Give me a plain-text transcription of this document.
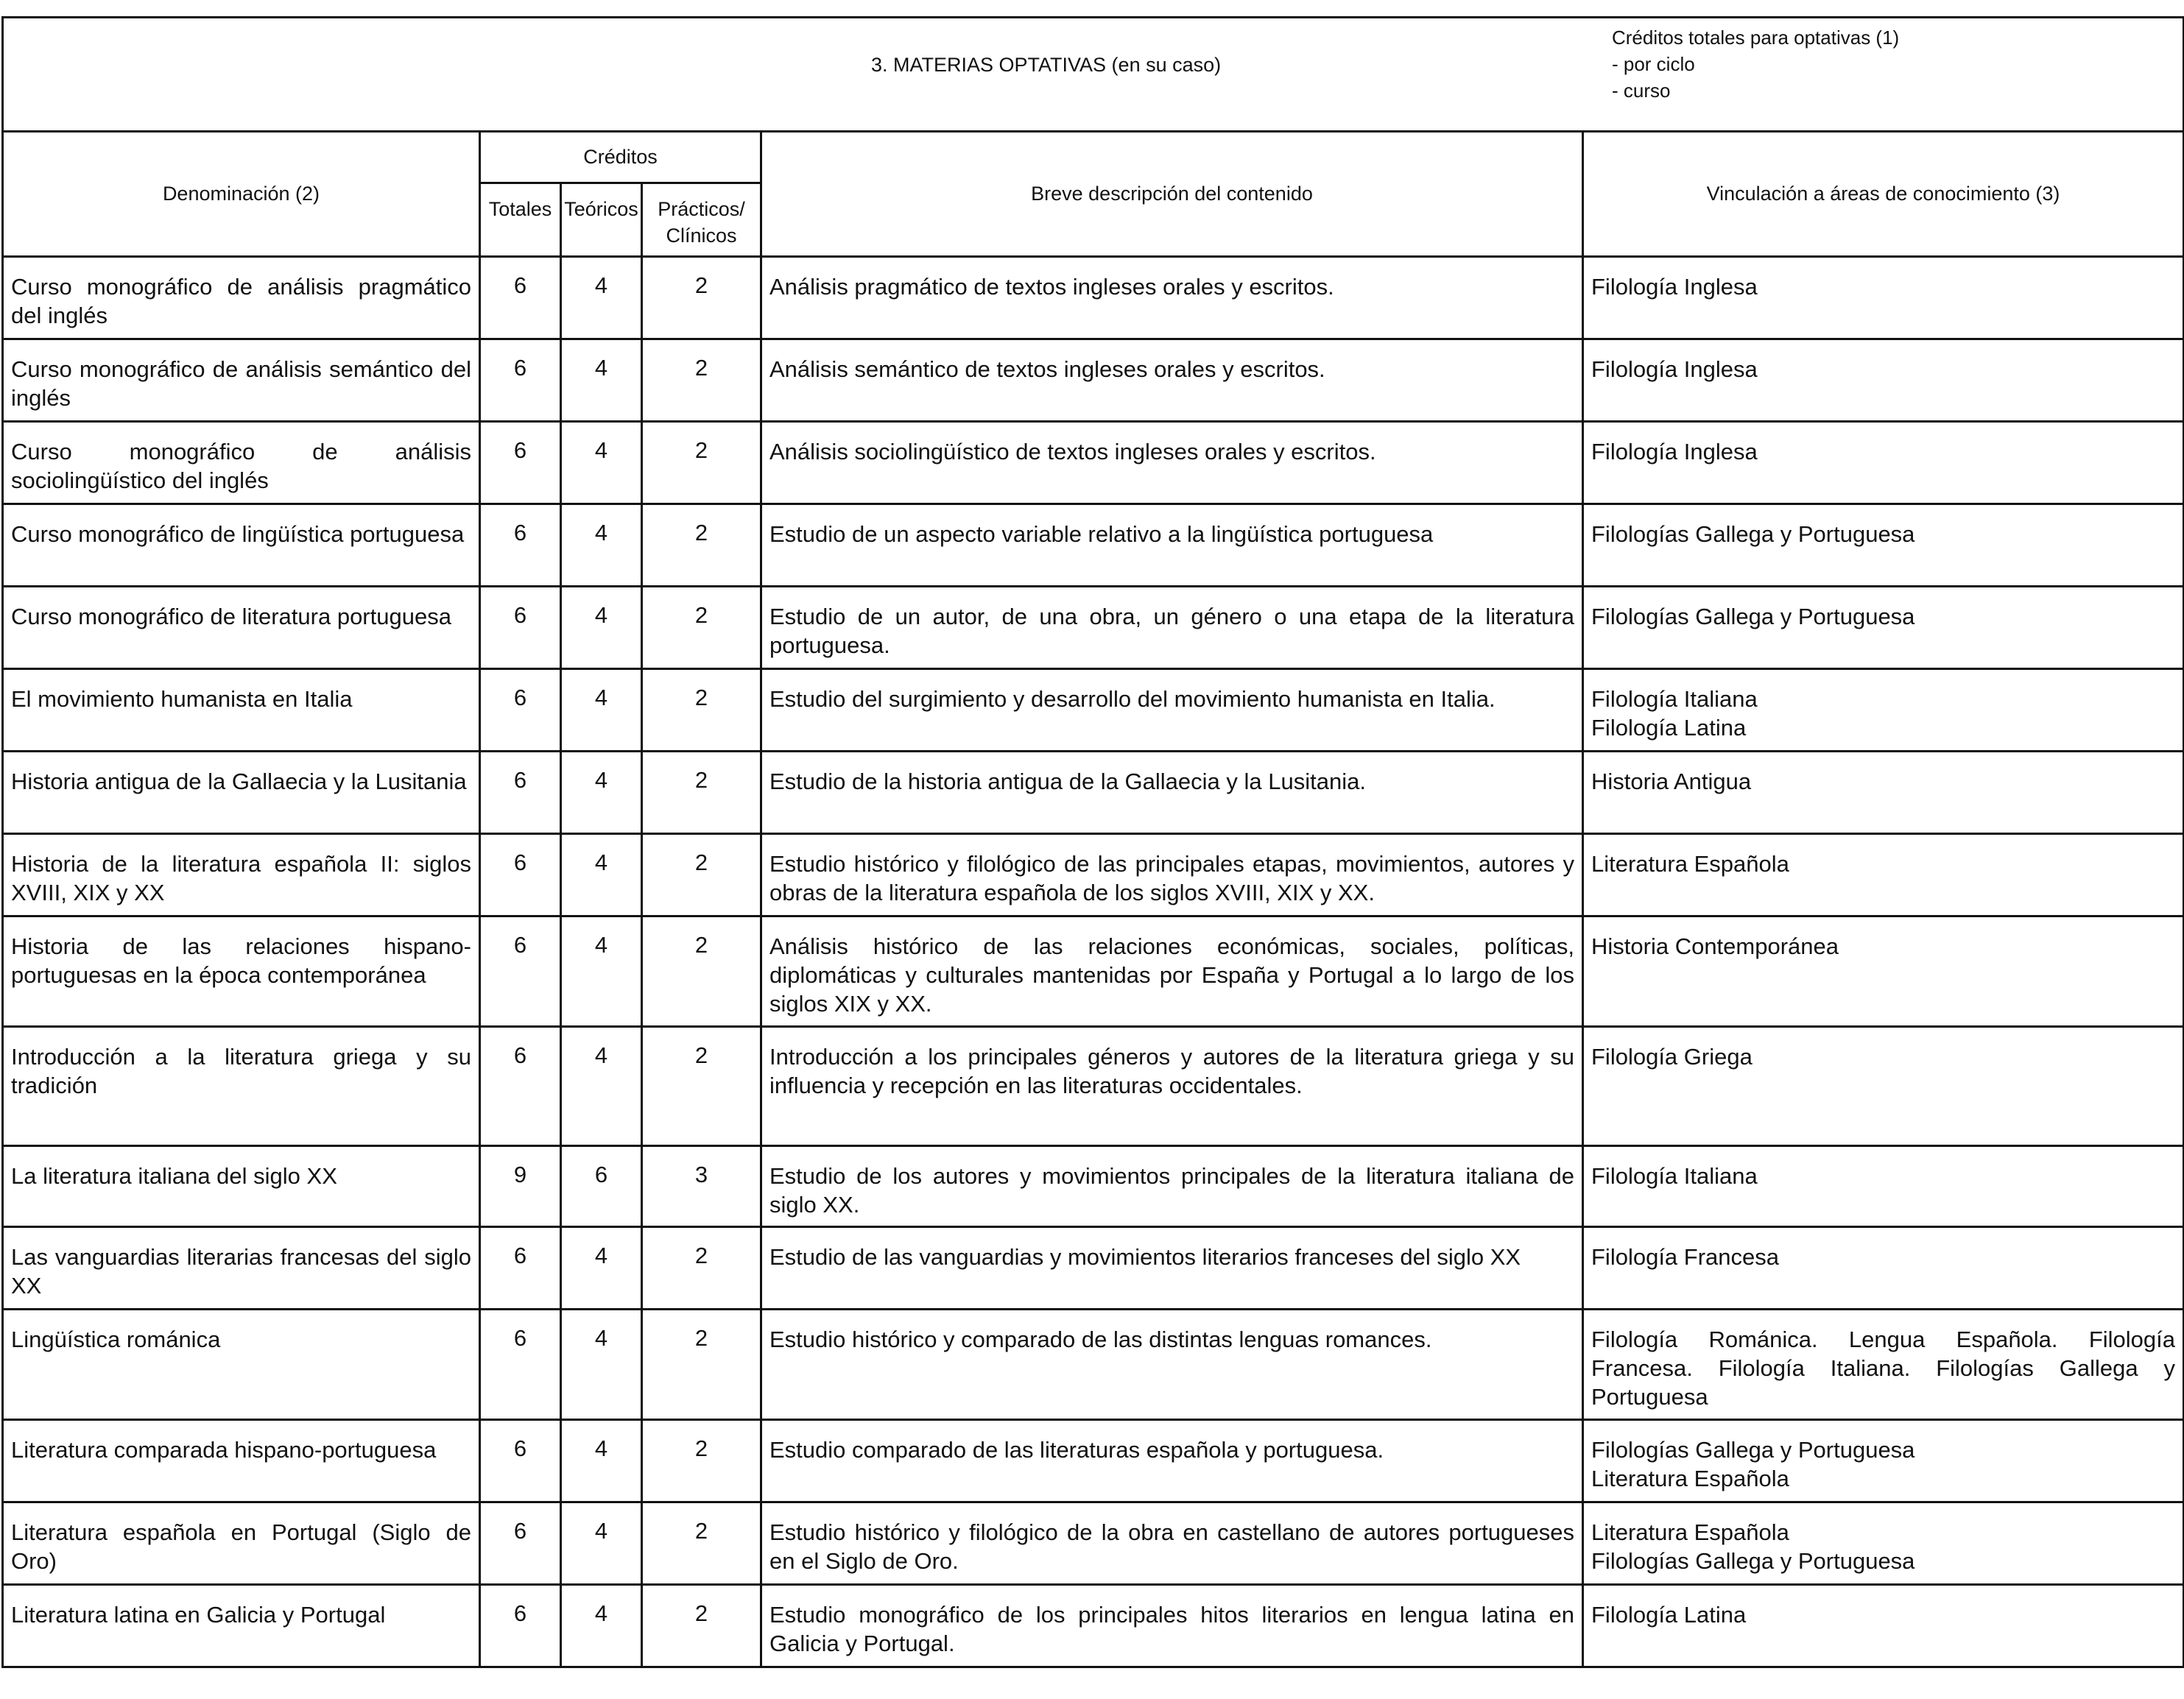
3. MATERIAS OPTATIVAS (en su caso)
Créditos totales para optativas (1)
- por ciclo
- curso					

Denominación (2)	Créditos			Breve descripción del contenido	Vinculación a áreas de conocimiento (3)
	Totales	Teóricos	Prácticos/ Clínicos		
Curso monográfico de análisis pragmático del inglés	6	4	2	Análisis pragmático de textos ingleses orales y escritos.	Filología Inglesa

Curso monográfico de análisis semántico del inglés	6	4	2	Análisis semántico de textos ingleses orales y escritos.	Filología Inglesa

Curso monográfico de análisis sociolingüístico del inglés	6	4	2	Análisis sociolingüístico de textos ingleses orales y escritos.	Filología Inglesa

Curso monográfico de lingüística portuguesa	6	4	2	Estudio de un aspecto variable relativo a la lingüística portuguesa	Filologías Gallega y Portuguesa

Curso monográfico de literatura portuguesa	6	4	2	Estudio de un autor, de una obra, un género o una etapa de la literatura portuguesa.	Filologías Gallega y Portuguesa

El movimiento humanista en Italia	6	4	2	Estudio del surgimiento y desarrollo del movimiento humanista en Italia.	Filología Italiana
Filología Latina

Historia antigua de la Gallaecia y la Lusitania	6	4	2	Estudio de la historia antigua de la Gallaecia y la Lusitania.	Historia Antigua

Historia de la literatura española II: siglos XVIII, XIX y XX	6	4	2	Estudio histórico y filológico de las principales etapas, movimientos, autores y obras de la literatura española de los siglos XVIII, XIX y XX.	Literatura Española

Historia de las relaciones hispano-portuguesas en la época contemporánea	6	4	2	Análisis histórico de las relaciones económicas, sociales, políticas, diplomáticas y culturales mantenidas por España y Portugal a lo largo de los siglos XIX y XX.	Historia Contemporánea

Introducción a la literatura griega y su tradición	6	4	2	Introducción a los principales géneros y autores de la literatura griega y su influencia y recepción en las literaturas occidentales.	Filología Griega

La literatura italiana del siglo XX	9	6	3	Estudio de los autores y movimientos principales de la literatura italiana de siglo XX.	Filología Italiana

Las vanguardias literarias francesas del siglo XX	6	4	2	Estudio de las vanguardias y movimientos literarios franceses del siglo XX	Filología Francesa

Lingüística románica	6	4	2	Estudio histórico y comparado de las distintas lenguas romances.	Filología Románica. Lengua Española. Filología Francesa. Filología Italiana. Filologías Gallega y Portuguesa

Literatura comparada hispano-portuguesa	6	4	2	Estudio comparado de las literaturas española y portuguesa.	Filologías Gallega y Portuguesa
Literatura Española

Literatura española en Portugal (Siglo de Oro)	6	4	2	Estudio histórico y filológico de la obra en castellano de autores portugueses en el Siglo de Oro.	Literatura Española
Filologías Gallega y Portuguesa

Literatura latina en Galicia y Portugal	6	4	2	Estudio monográfico de los principales hitos literarios en lengua latina en Galicia y Portugal.	Filología Latina
